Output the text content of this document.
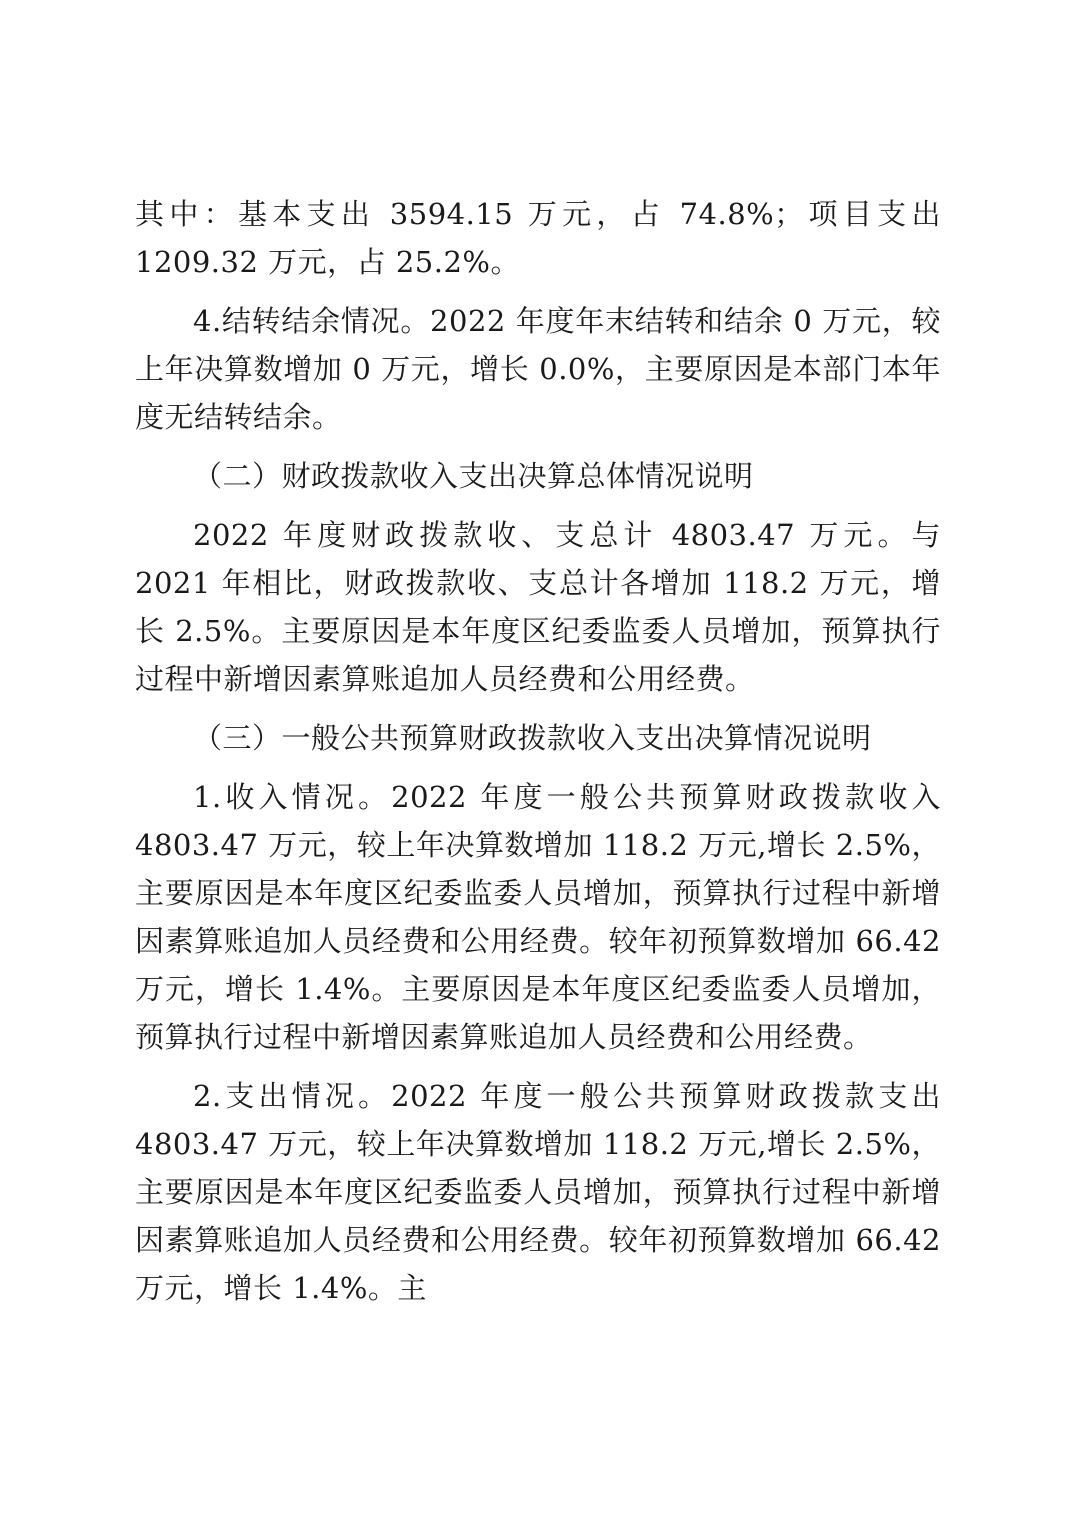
其中：基本支出 3594.15 万元，占 74.8%；项目支出 1209.32 万元，占 25.2%。

4.结转结余情况。2022 年度年末结转和结余 0 万元，较上年决算数增加 0 万元，增长 0.0%，主要原因是本部门本年度无结转结余。

（二）财政拨款收入支出决算总体情况说明

2022 年度财政拨款收、支总计 4803.47 万元。与 2021 年相比，财政拨款收、支总计各增加 118.2 万元，增长 2.5%。主要原因是本年度区纪委监委人员增加，预算执行过程中新增因素算账追加人员经费和公用经费。

（三）一般公共预算财政拨款收入支出决算情况说明

1.收入情况。2022 年度一般公共预算财政拨款收入 4803.47 万元，较上年决算数增加 118.2 万元,增长 2.5%，主要原因是本年度区纪委监委人员增加，预算执行过程中新增因素算账追加人员经费和公用经费。较年初预算数增加 66.42 万元，增长 1.4%。主要原因是本年度区纪委监委人员增加，预算执行过程中新增因素算账追加人员经费和公用经费。

2.支出情况。2022 年度一般公共预算财政拨款支出 4803.47 万元，较上年决算数增加 118.2 万元,增长 2.5%，主要原因是本年度区纪委监委人员增加，预算执行过程中新增因素算账追加人员经费和公用经费。较年初预算数增加 66.42 万元，增长 1.4%。主
